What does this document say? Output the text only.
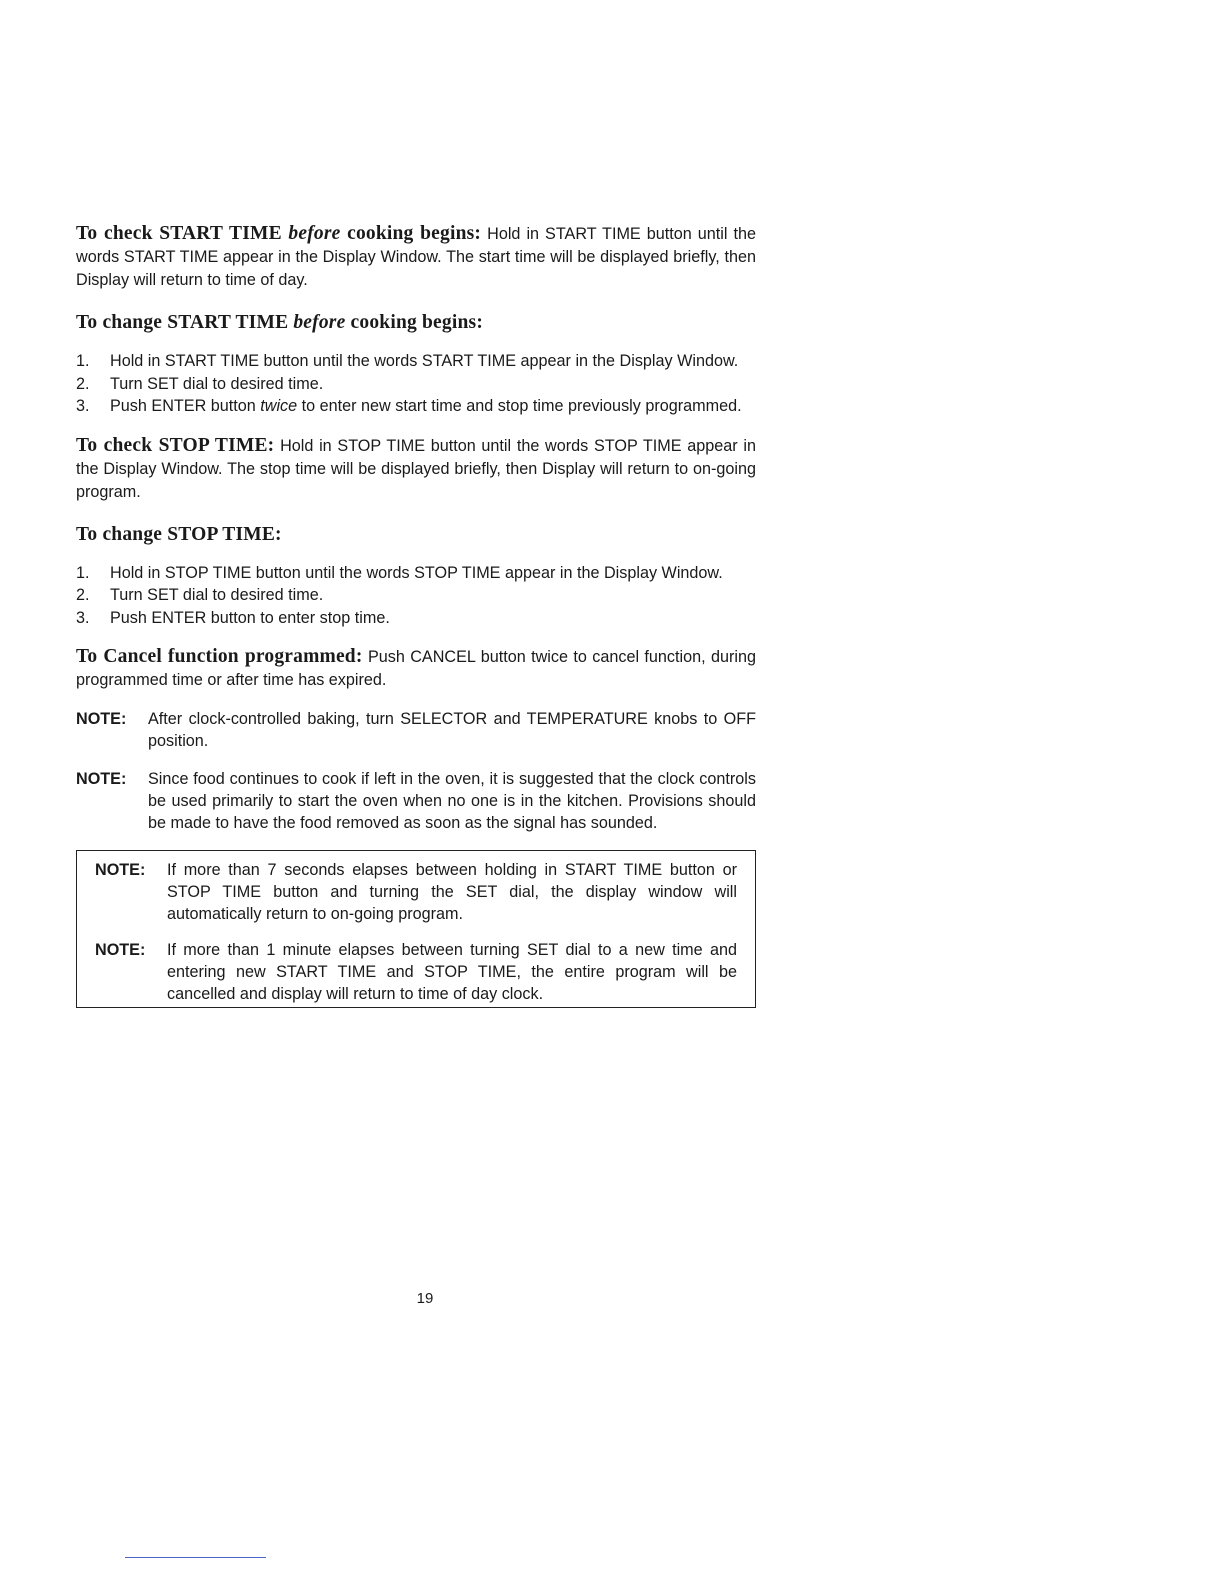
To check START TIME before cooking begins: Hold in START TIME button until the words START TIME appear in the Display Window. The start time will be displayed briefly, then Display will return to time of day.

To change START TIME before cooking begins:
1.	Hold in START TIME button until the words START TIME appear in the Display Window.
2.	Turn SET dial to desired time.
3.	Push ENTER button twice to enter new start time and stop time previously programmed.

To check STOP TIME: Hold in STOP TIME button until the words STOP TIME appear in the Display Window. The stop time will be displayed briefly, then Display will return to on-going program.

To change STOP TIME:
1.	Hold in STOP TIME button until the words STOP TIME appear in the Display Window.
2.	Turn SET dial to desired time.
3.	Push ENTER button to enter stop time.

To Cancel function programmed: Push CANCEL button twice to cancel function, during programmed time or after time has expired.

NOTE:	After clock-controlled baking, turn SELECTOR and TEMPERATURE knobs to OFF position.
NOTE:	Since food continues to cook if left in the oven, it is suggested that the clock controls be used primarily to start the oven when no one is in the kitchen. Provisions should be made to have the food removed as soon as the signal has sounded.
NOTE:	If more than 7 seconds elapses between holding in START TIME button or STOP TIME button and turning the SET dial, the display window will automatically return to on-going program.
NOTE:	If more than 1 minute elapses between turning SET dial to a new time and entering new START TIME and STOP TIME, the entire program will be cancelled and display will return to time of day clock.
19
